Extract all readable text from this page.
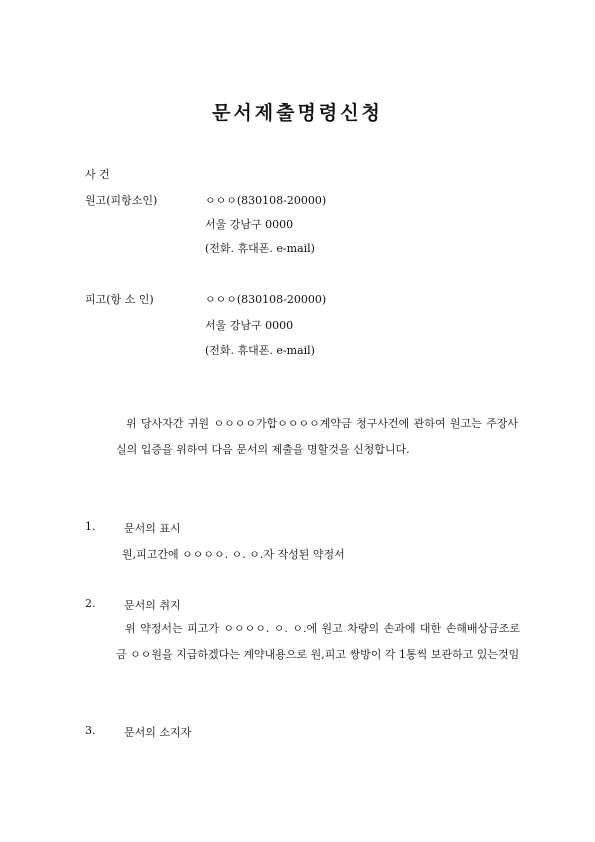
문서제출명령신청
사 건
원고(피항소인)	ㅇㅇㅇ(830108-20000)
서울 강남구 0000
(전화. 휴대폰. e-mail)
피고(항 소 인)	ㅇㅇㅇ(830108-20000)
서울 강남구 0000
(전화. 휴대폰. e-mail)
위 당사자간 귀원 ㅇㅇㅇㅇ가합ㅇㅇㅇㅇ계약금 청구사건에 관하여 원고는 주장사실의 입증을 위하여 다음 문서의 제출을 명할것을 신청합니다.
1.	문서의 표시
원,피고간에 ㅇㅇㅇㅇ. ㅇ. ㅇ.자 작성된 약정서
2.	문서의 취지
위 약정서는 피고가 ㅇㅇㅇㅇ. ㅇ. ㅇ.에 원고 차량의 손과에 대한 손해배상금조로 금 ㅇㅇ원을 지급하겠다는 계약내용으로 원,피고 쌍방이 각 1통씩 보관하고 있는것임
3.	문서의 소지자
